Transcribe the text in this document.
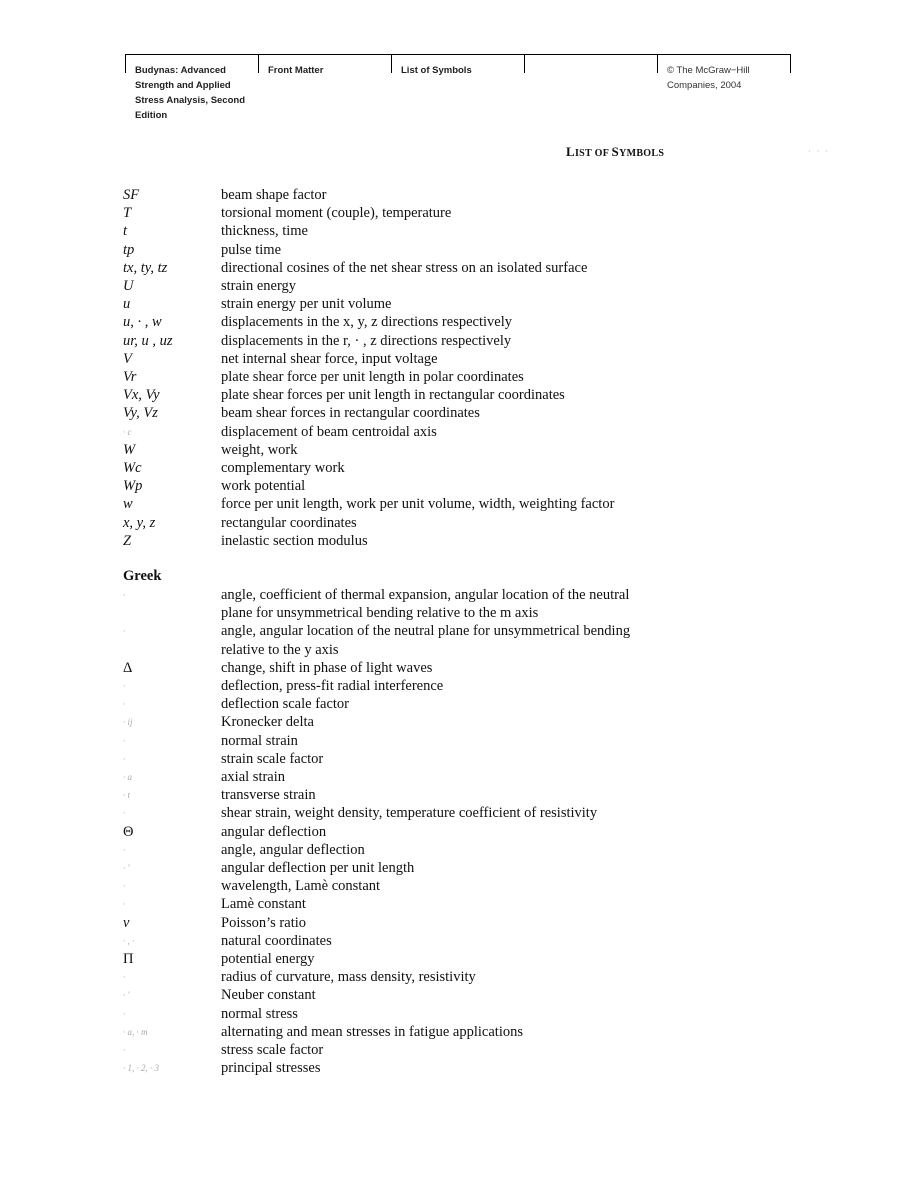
Budynas: Advanced
Strength and Applied
Stress Analysis, Second
Edition
Front Matter	List of Symbols	© The McGraw−Hill
Companies, 2004
LIST OF SYMBOLS	· · ·
SF	beam shape factor
T	torsional moment (couple), temperature
t	thickness, time
tp	pulse time
tx, ty, tz	directional cosines of the net shear stress on an isolated surface
U	strain energy
u	strain energy per unit volume
u, · , w	displacements in the x, y, z directions respectively
ur, u , uz	displacements in the r, · , z directions respectively
V	net internal shear force, input voltage
Vr	plate shear force per unit length in polar coordinates
Vx, Vy	plate shear forces per unit length in rectangular coordinates
Vy, Vz	beam shear forces in rectangular coordinates
· c	displacement of beam centroidal axis
W	weight, work
Wc	complementary work
Wp	work potential
w	force per unit length, work per unit volume, width, weighting factor
x, y, z	rectangular coordinates
Z	inelastic section modulus
Greek
·	angle, coefficient of thermal expansion, angular location of the neutral plane for unsymmetrical bending relative to the m axis
·	angle, angular location of the neutral plane for unsymmetrical bending relative to the y axis
Δ	change, shift in phase of light waves
·	deflection, press-fit radial interference
·	deflection scale factor
· ij	Kronecker delta
·	normal strain
·	strain scale factor
· a	axial strain
· t	transverse strain
·	shear strain, weight density, temperature coefficient of resistivity
Θ	angular deflection
·	angle, angular deflection
· ′	angular deflection per unit length
·	wavelength, Lamè constant
·	Lamè constant
v	Poisson’s ratio
· , ·	natural coordinates
Π	potential energy
·	radius of curvature, mass density, resistivity
· ′	Neuber constant
·	normal stress
· a, · m	alternating and mean stresses in fatigue applications
·	stress scale factor
· 1, · 2, · 3	principal stresses
